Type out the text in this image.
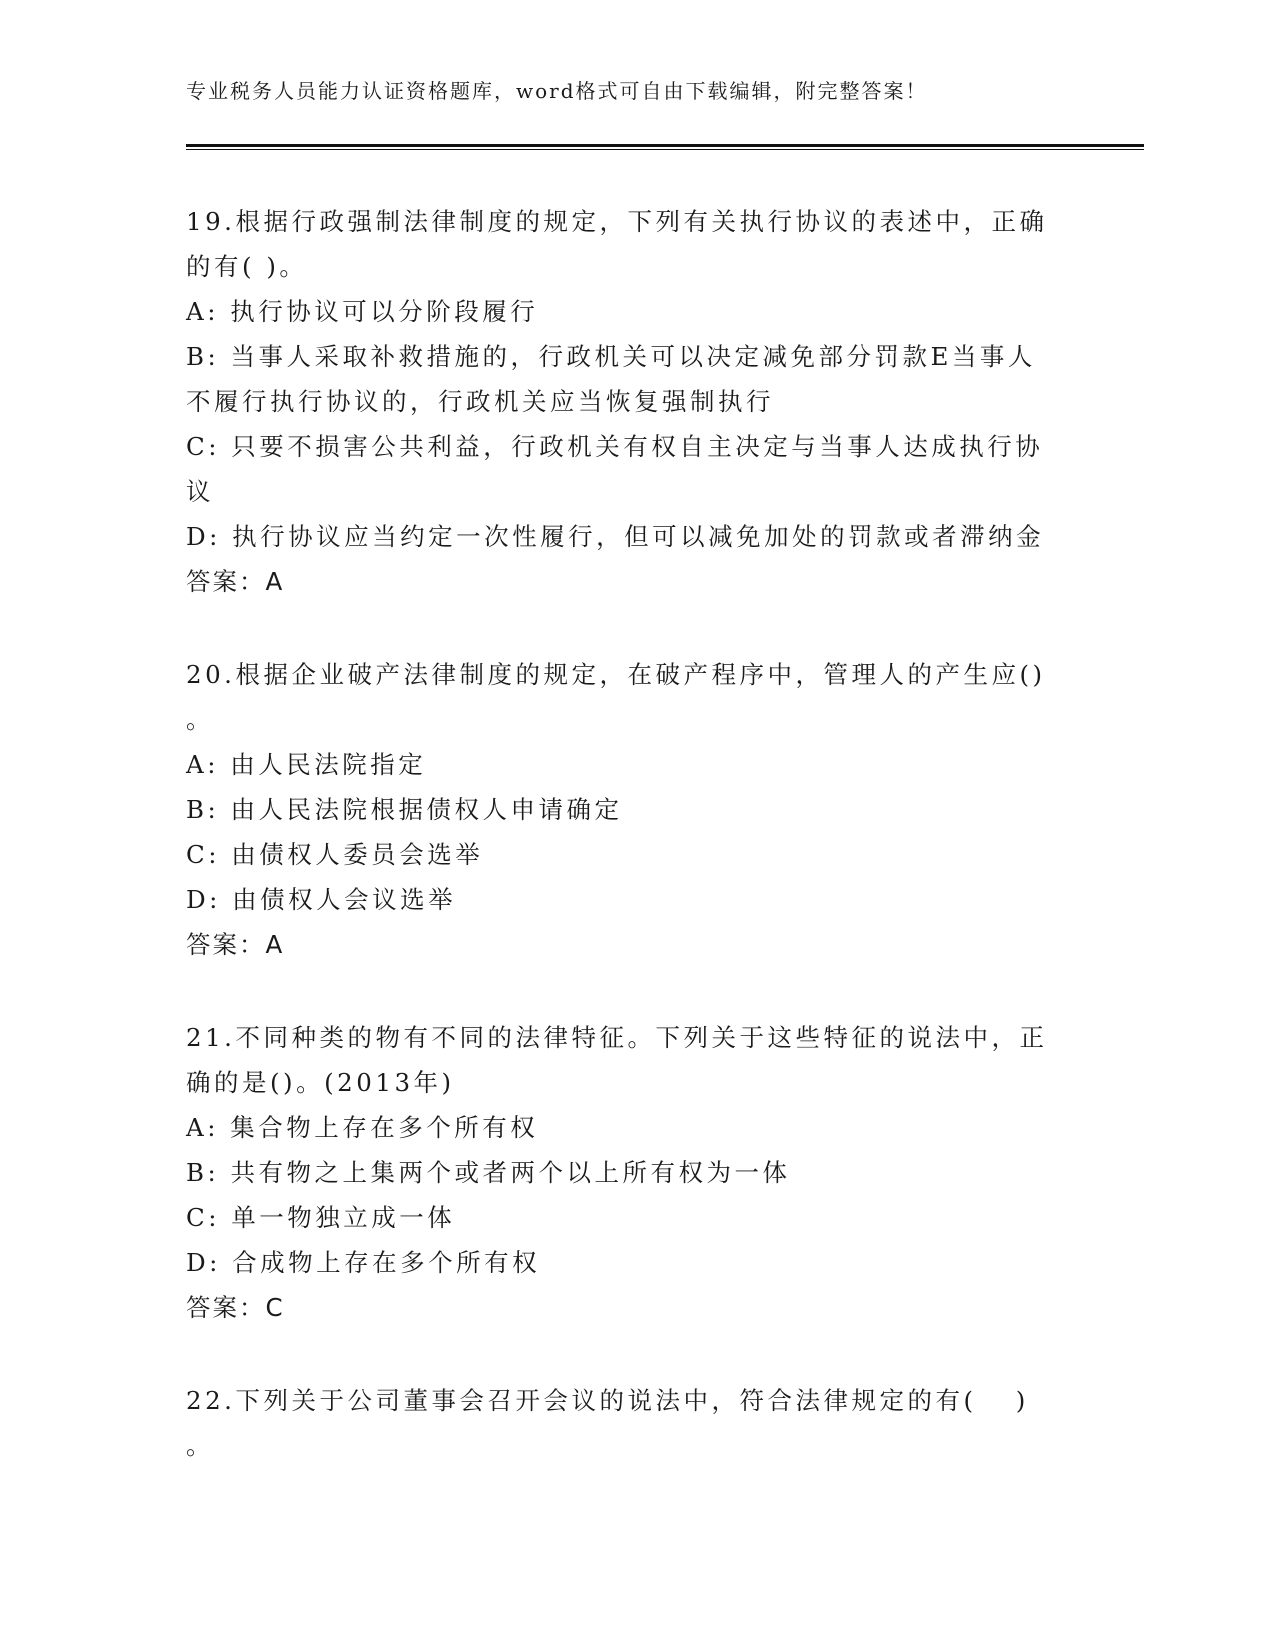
专业税务人员能力认证资格题库，word格式可自由下载编辑，附完整答案！
19.根据行政强制法律制度的规定，下列有关执行协议的表述中，正确
的有( )。
A: 执行协议可以分阶段履行
B: 当事人采取补救措施的，行政机关可以决定减免部分罚款E当事人
不履行执行协议的，行政机关应当恢复强制执行
C: 只要不损害公共利益，行政机关有权自主决定与当事人达成执行协
议
D: 执行协议应当约定一次性履行，但可以减免加处的罚款或者滞纳金
答案：A
20.根据企业破产法律制度的规定，在破产程序中，管理人的产生应()
。
A: 由人民法院指定
B: 由人民法院根据债权人申请确定
C: 由债权人委员会选举
D: 由债权人会议选举
答案：A
21.不同种类的物有不同的法律特征。下列关于这些特征的说法中，正
确的是()。(2013年)
A: 集合物上存在多个所有权
B: 共有物之上集两个或者两个以上所有权为一体
C: 单一物独立成一体
D: 合成物上存在多个所有权
答案：C
22.下列关于公司董事会召开会议的说法中，符合法律规定的有(　 )
。
